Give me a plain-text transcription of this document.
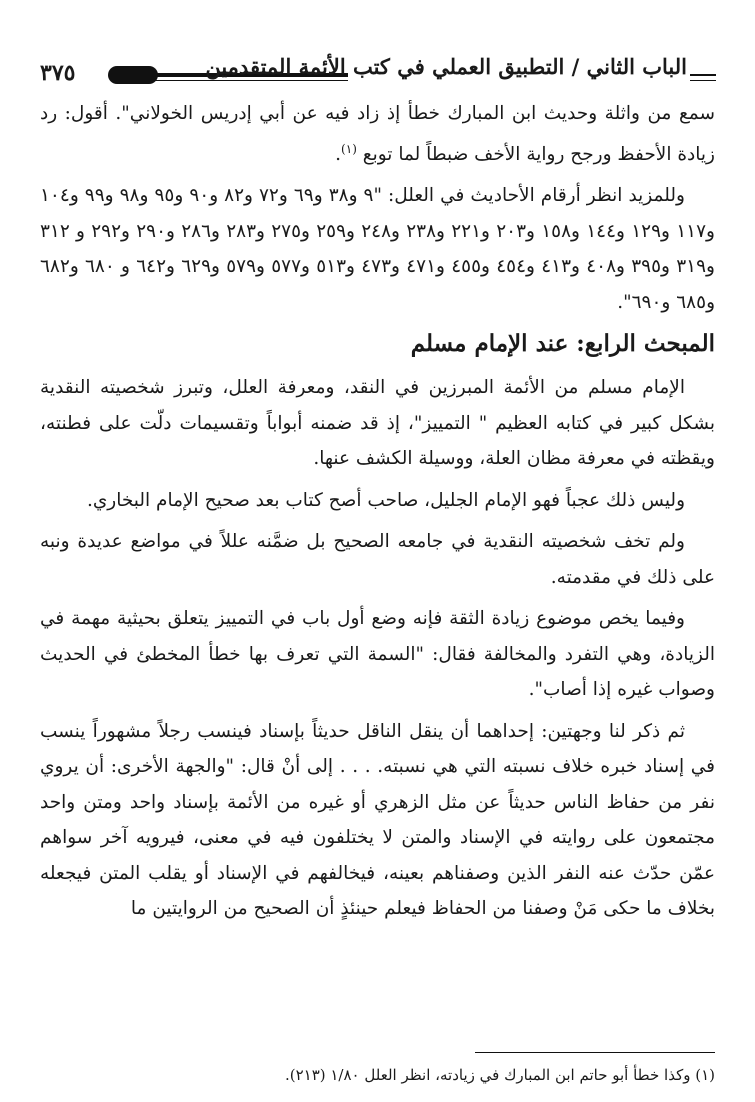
٣٧٥	الباب الثاني / التطبيق العملي في كتب الأئمة المتقدمين

سمع من واثلة وحديث ابن المبارك خطأ إذ زاد فيه عن أبي إدريس الخولاني". أقول: رد زيادة الأحفظ ورجح رواية الأخف ضبطاً لما توبع $^{(١)}$.

وللمزيد انظر أرقام الأحاديث في العلل: "٩ و٣٨ و٦٩ و٧٢ و٨٢ و٩٠ و٩٥ و٩٨ و٩٩ و١٠٤ و١١٧ و١٢٩ و١٤٤ و١٥٨ و٢٠٣ و٢٢١ و٢٣٨ و٢٤٨ و٢٥٩ و٢٧٥ و٢٨٣ و٢٨٦ و٢٩٠ و٢٩٢ و ٣١٢ و٣١٩ و٣٩٥ و٤٠٨ و٤١٣ و٤٥٤ و٤٥٥ و٤٧١ و٤٧٣ و٥١٣ و٥٧٧ و٥٧٩ و٦٢٩ و٦٤٢ و ٦٨٠ و٦٨٢ و٦٨٥ و٦٩٠".

المبحث الرابع: عند الإمام مسلم

الإمام مسلم من الأئمة المبرزين في النقد، ومعرفة العلل، وتبرز شخصيته النقدية بشكل كبير في كتابه العظيم " التمييز"، إذ قد ضمنه أبواباً وتقسيمات دلّت على فطنته، ويقظته في معرفة مظان العلة، ووسيلة الكشف عنها.

وليس ذلك عجباً فهو الإمام الجليل، صاحب أصح كتاب بعد صحيح الإمام البخاري.

ولم تخف شخصيته النقدية في جامعه الصحيح بل ضمَّنه عللاً في مواضع عديدة ونبه على ذلك في مقدمته.

وفيما يخص موضوع زيادة الثقة فإنه وضع أول باب في التمييز يتعلق بحيثية مهمة في الزيادة، وهي التفرد والمخالفة فقال: "السمة التي تعرف بها خطأ المخطئ في الحديث وصواب غيره إذا أصاب".

ثم ذكر لنا وجهتين: إحداهما أن ينقل الناقل حديثاً بإسناد فينسب رجلاً مشهوراً ينسب في إسناد خبره خلاف نسبته التي هي نسبته. . . . إلى أنْ قال: "والجهة الأخرى: أن يروي نفر من حفاظ الناس حديثاً عن مثل الزهري أو غيره من الأئمة بإسناد واحد ومتن واحد مجتمعون على روايته في الإسناد والمتن لا يختلفون فيه في معنى، فيرويه آخر سواهم عمّن حدّث عنه النفر الذين وصفناهم بعينه، فيخالفهم في الإسناد أو يقلب المتن فيجعله بخلاف ما حكى مَنْ وصفنا من الحفاظ فيعلم حينئذٍ أن الصحيح من الروايتين ما

(١) وكذا خطأ أبو حاتم ابن المبارك في زيادته، انظر العلل ١/٨٠ (٢١٣).
